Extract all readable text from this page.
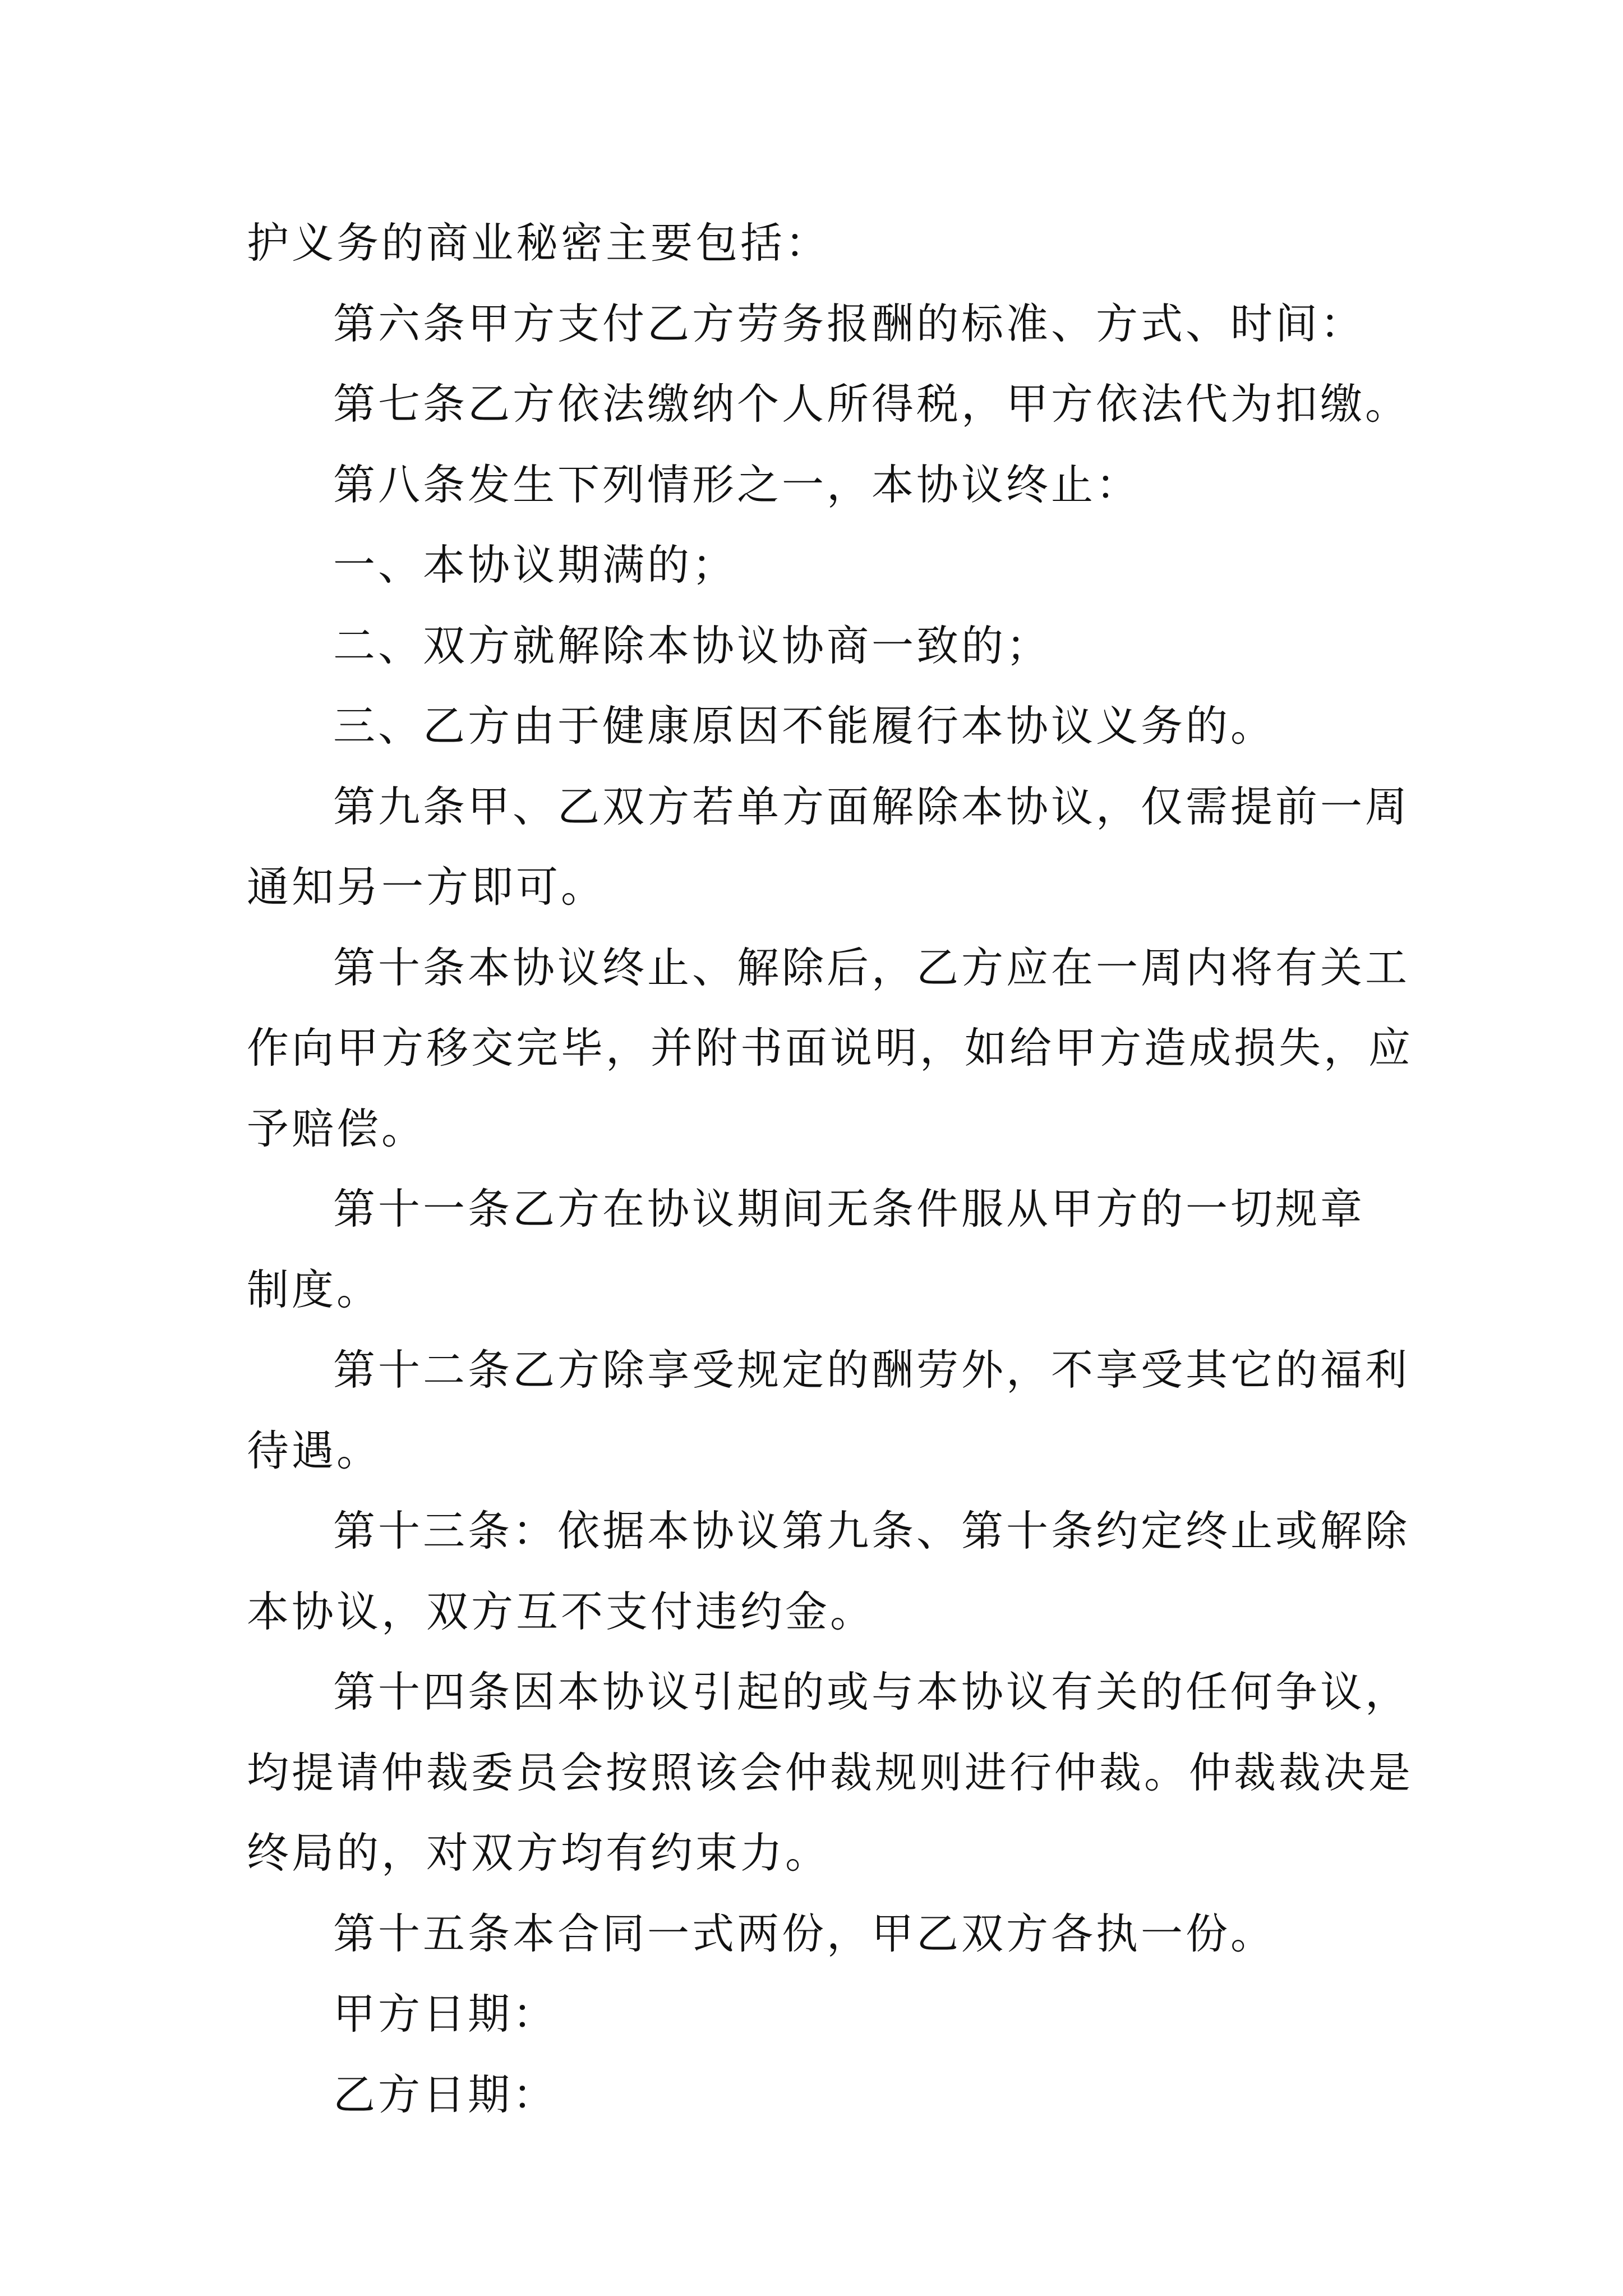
护义务的商业秘密主要包括：
第六条甲方支付乙方劳务报酬的标准、方式、时间：
第七条乙方依法缴纳个人所得税，甲方依法代为扣缴。
第八条发生下列情形之一，本协议终止：
一、本协议期满的；
二、双方就解除本协议协商一致的；
三、乙方由于健康原因不能履行本协议义务的。
第九条甲、乙双方若单方面解除本协议，仅需提前一周
通知另一方即可。
第十条本协议终止、解除后，乙方应在一周内将有关工
作向甲方移交完毕，并附书面说明，如给甲方造成损失，应
予赔偿。
第十一条乙方在协议期间无条件服从甲方的一切规章
制度。
第十二条乙方除享受规定的酬劳外，不享受其它的福利
待遇。
第十三条：依据本协议第九条、第十条约定终止或解除
本协议，双方互不支付违约金。
第十四条因本协议引起的或与本协议有关的任何争议，
均提请仲裁委员会按照该会仲裁规则进行仲裁。仲裁裁决是
终局的，对双方均有约束力。
第十五条本合同一式两份，甲乙双方各执一份。
甲方日期：
乙方日期：
